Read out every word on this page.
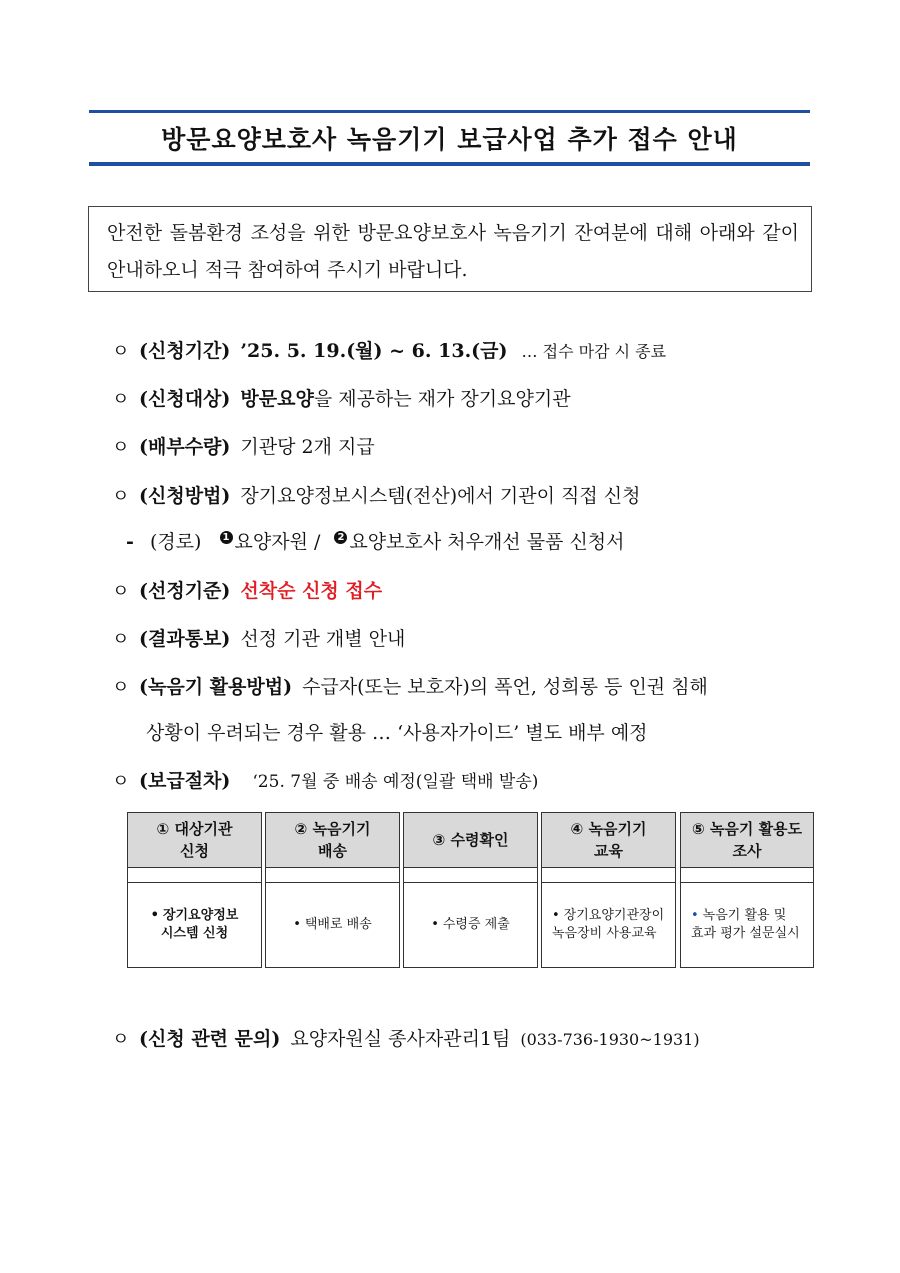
방문요양보호사 녹음기기 보급사업 추가 접수 안내
안전한 돌봄환경 조성을 위한 방문요양보호사 녹음기기 잔여분에 대해 아래와 같이 안내하오니 적극 참여하여 주시기 바랍니다.
ㅇ (신청기간) ’25. 5. 19.(월) ~ 6. 13.(금) … 접수 마감 시 종료
ㅇ (신청대상) 방문요양 을 제공하는 재가 장기요양기관
ㅇ (배부수량) 기관당 2개 지급
ㅇ (신청방법) 장기요양정보시스템(전산)에서 기관이 직접 신청
- (경로) 1 요양자원 / 2 요양보호사 처우개선 물품 신청서
ㅇ (선정기준) 선착순 신청 접수
ㅇ (결과통보) 선정 기관 개별 안내
ㅇ (녹음기 활용방법) 수급자(또는 보호자)의 폭언, 성희롱 등 인권 침해
상황이 우려되는 경우 활용 … ‘사용자가이드’ 별도 배부 예정
ㅇ (보급절차) ‘25. 7월 중 배송 예정(일괄 택배 발송)
① 대상기관
신청
• 장기요양정보
시스템 신청
② 녹음기기
배송
• 택배로 배송
③ 수령확인
• 수령증 제출
④ 녹음기기
교육
• 장기요양기관장이
녹음장비 사용교육
⑤ 녹음기 활용도
조사
• 녹음기 활용 및
효과 평가 설문실시
ㅇ (신청 관련 문의) 요양자원실 종사자관리1팀 (033-736-1930~1931)
